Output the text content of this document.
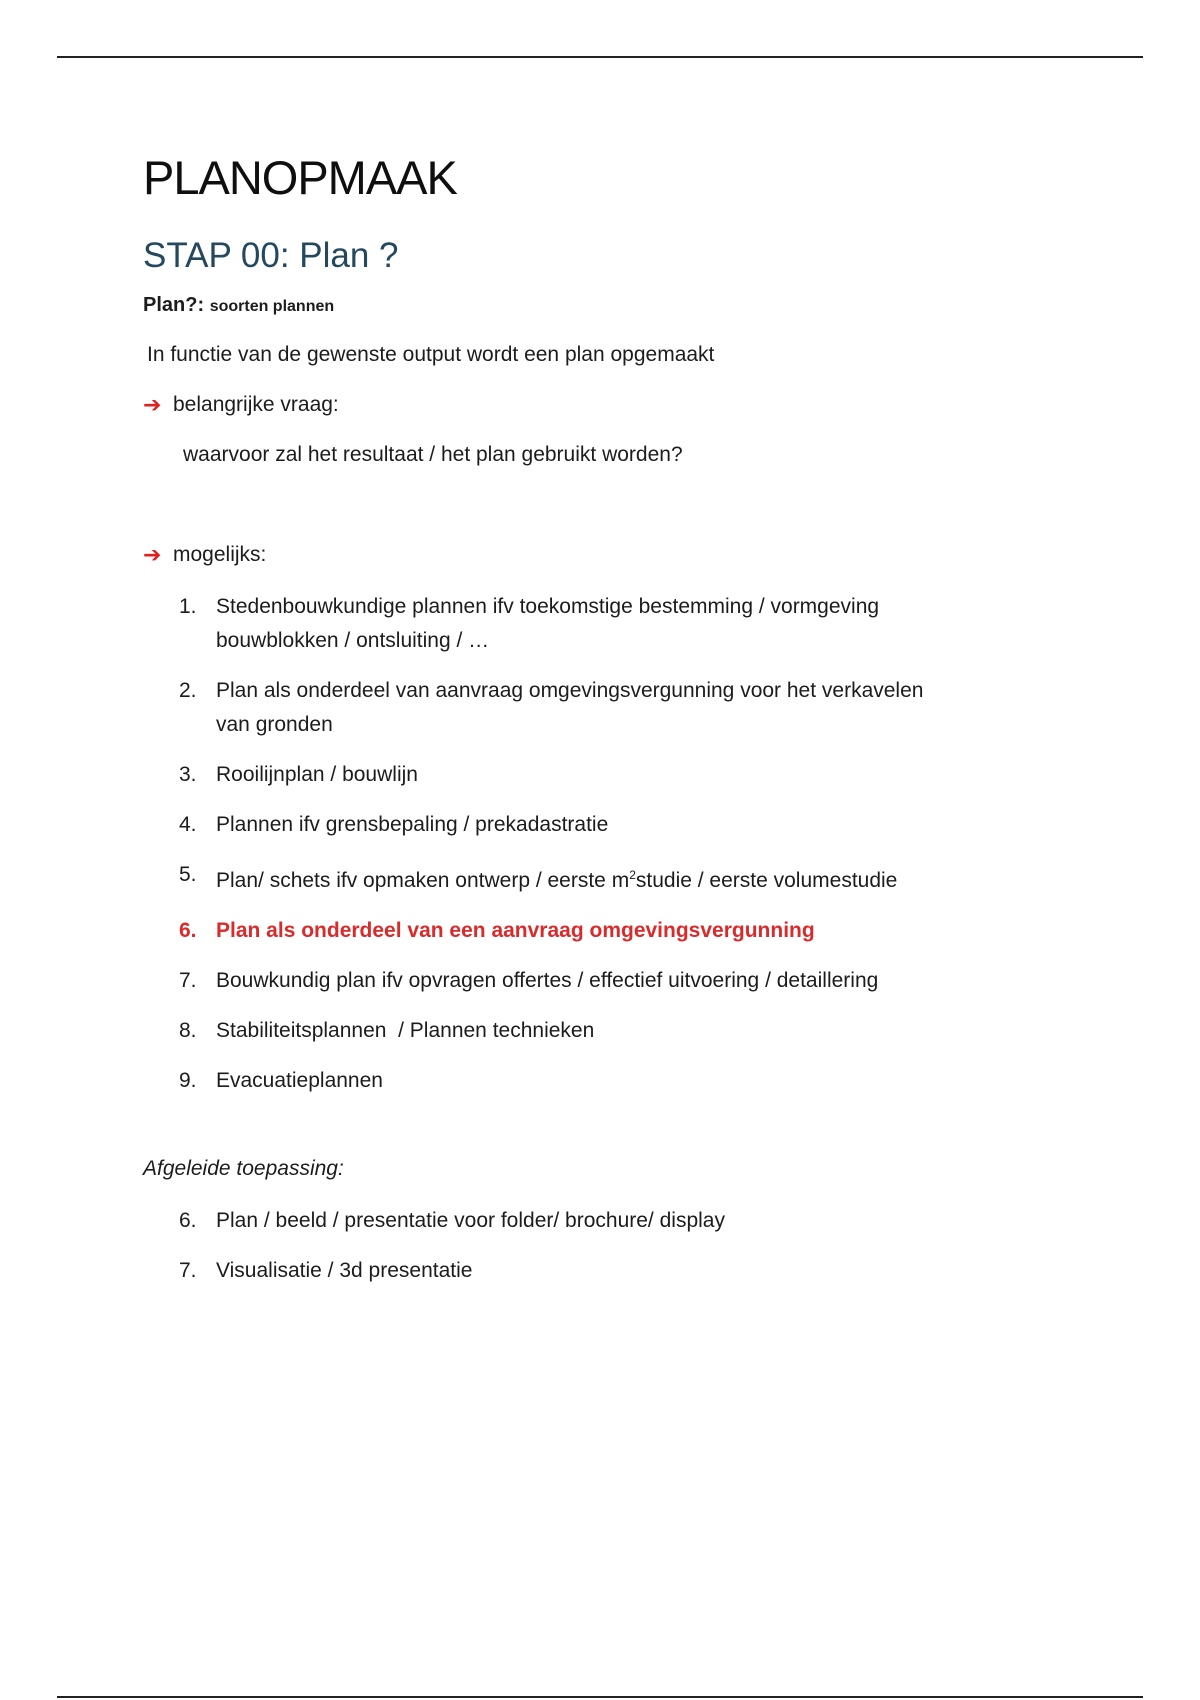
PLANOPMAAK
STAP 00: Plan ?
Plan?: soorten plannen
In functie van de gewenste output wordt een plan opgemaakt
➔ belangrijke vraag:
waarvoor zal het resultaat / het plan gebruikt worden?
➔ mogelijks:
1. Stedenbouwkundige plannen ifv toekomstige bestemming / vormgeving bouwblokken / ontsluiting / …
2. Plan als onderdeel van aanvraag omgevingsvergunning voor het verkavelen van gronden
3. Rooilijnplan / bouwlijn
4. Plannen ifv grensbepaling / prekadastratie
5. Plan/ schets ifv opmaken ontwerp / eerste $m^2studie$ / eerste volumestudie
6. Plan als onderdeel van een aanvraag omgevingsvergunning
7. Bouwkundig plan ifv opvragen offertes / effectief uitvoering / detaillering
8. Stabiliteitsplannen  / Plannen technieken
9. Evacuatieplannen
Afgeleide toepassing:
6. Plan / beeld / presentatie voor folder/ brochure/ display
7. Visualisatie / 3d presentatie
